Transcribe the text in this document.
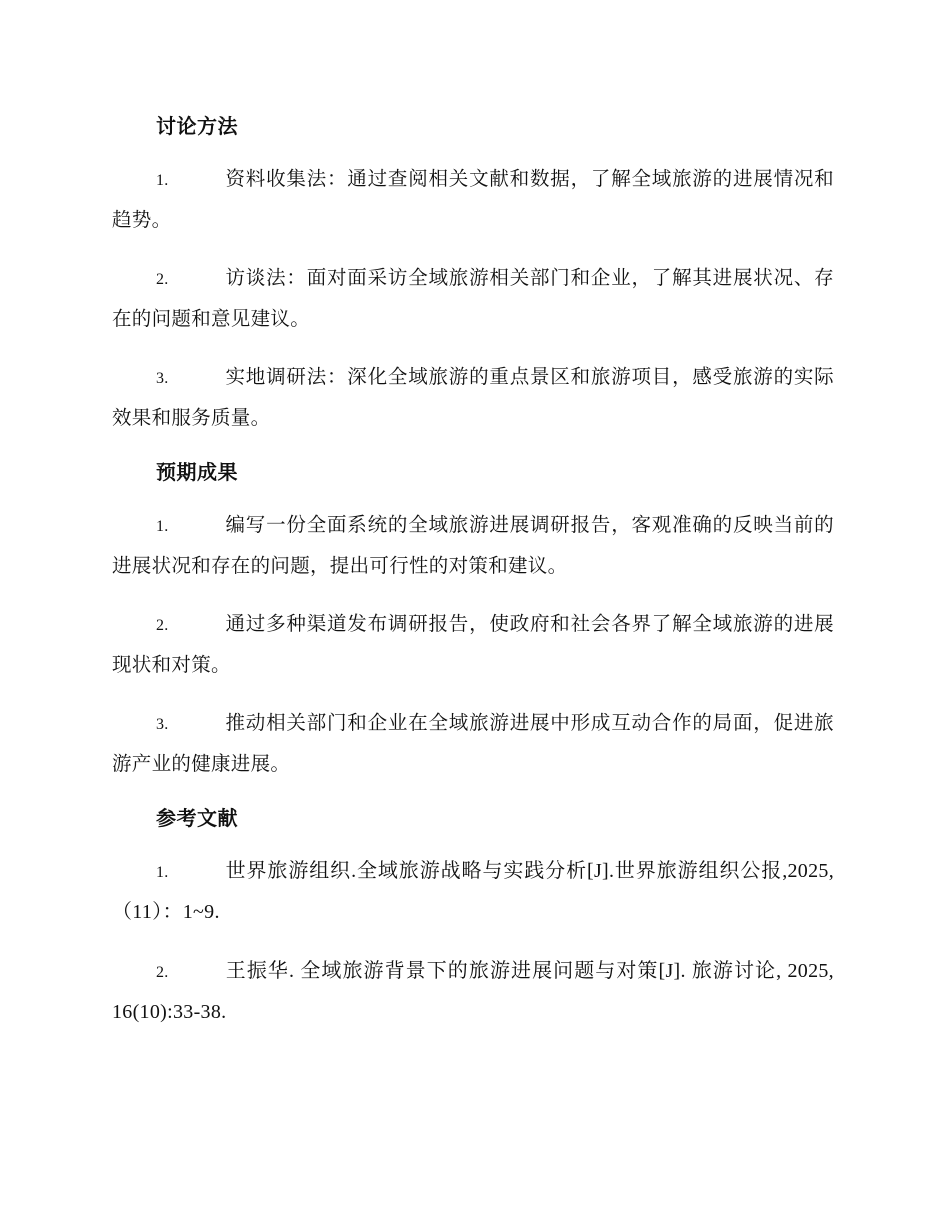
讨论方法
1.	资料收集法：通过查阅相关文献和数据，了解全域旅游的进展情况和趋势。
2.	访谈法：面对面采访全域旅游相关部门和企业，了解其进展状况、存在的问题和意见建议。
3.	实地调研法：深化全域旅游的重点景区和旅游项目，感受旅游的实际效果和服务质量。
预期成果
1.	编写一份全面系统的全域旅游进展调研报告，客观准确的反映当前的进展状况和存在的问题，提出可行性的对策和建议。
2.	通过多种渠道发布调研报告，使政府和社会各界了解全域旅游的进展现状和对策。
3.	推动相关部门和企业在全域旅游进展中形成互动合作的局面，促进旅游产业的健康进展。
参考文献
1.	世界旅游组织.全域旅游战略与实践分析[J].世界旅游组织公报,2025,（11）：1~9.
2.	王振华. 全域旅游背景下的旅游进展问题与对策[J]. 旅游讨论, 2025, 16(10):33-38.
